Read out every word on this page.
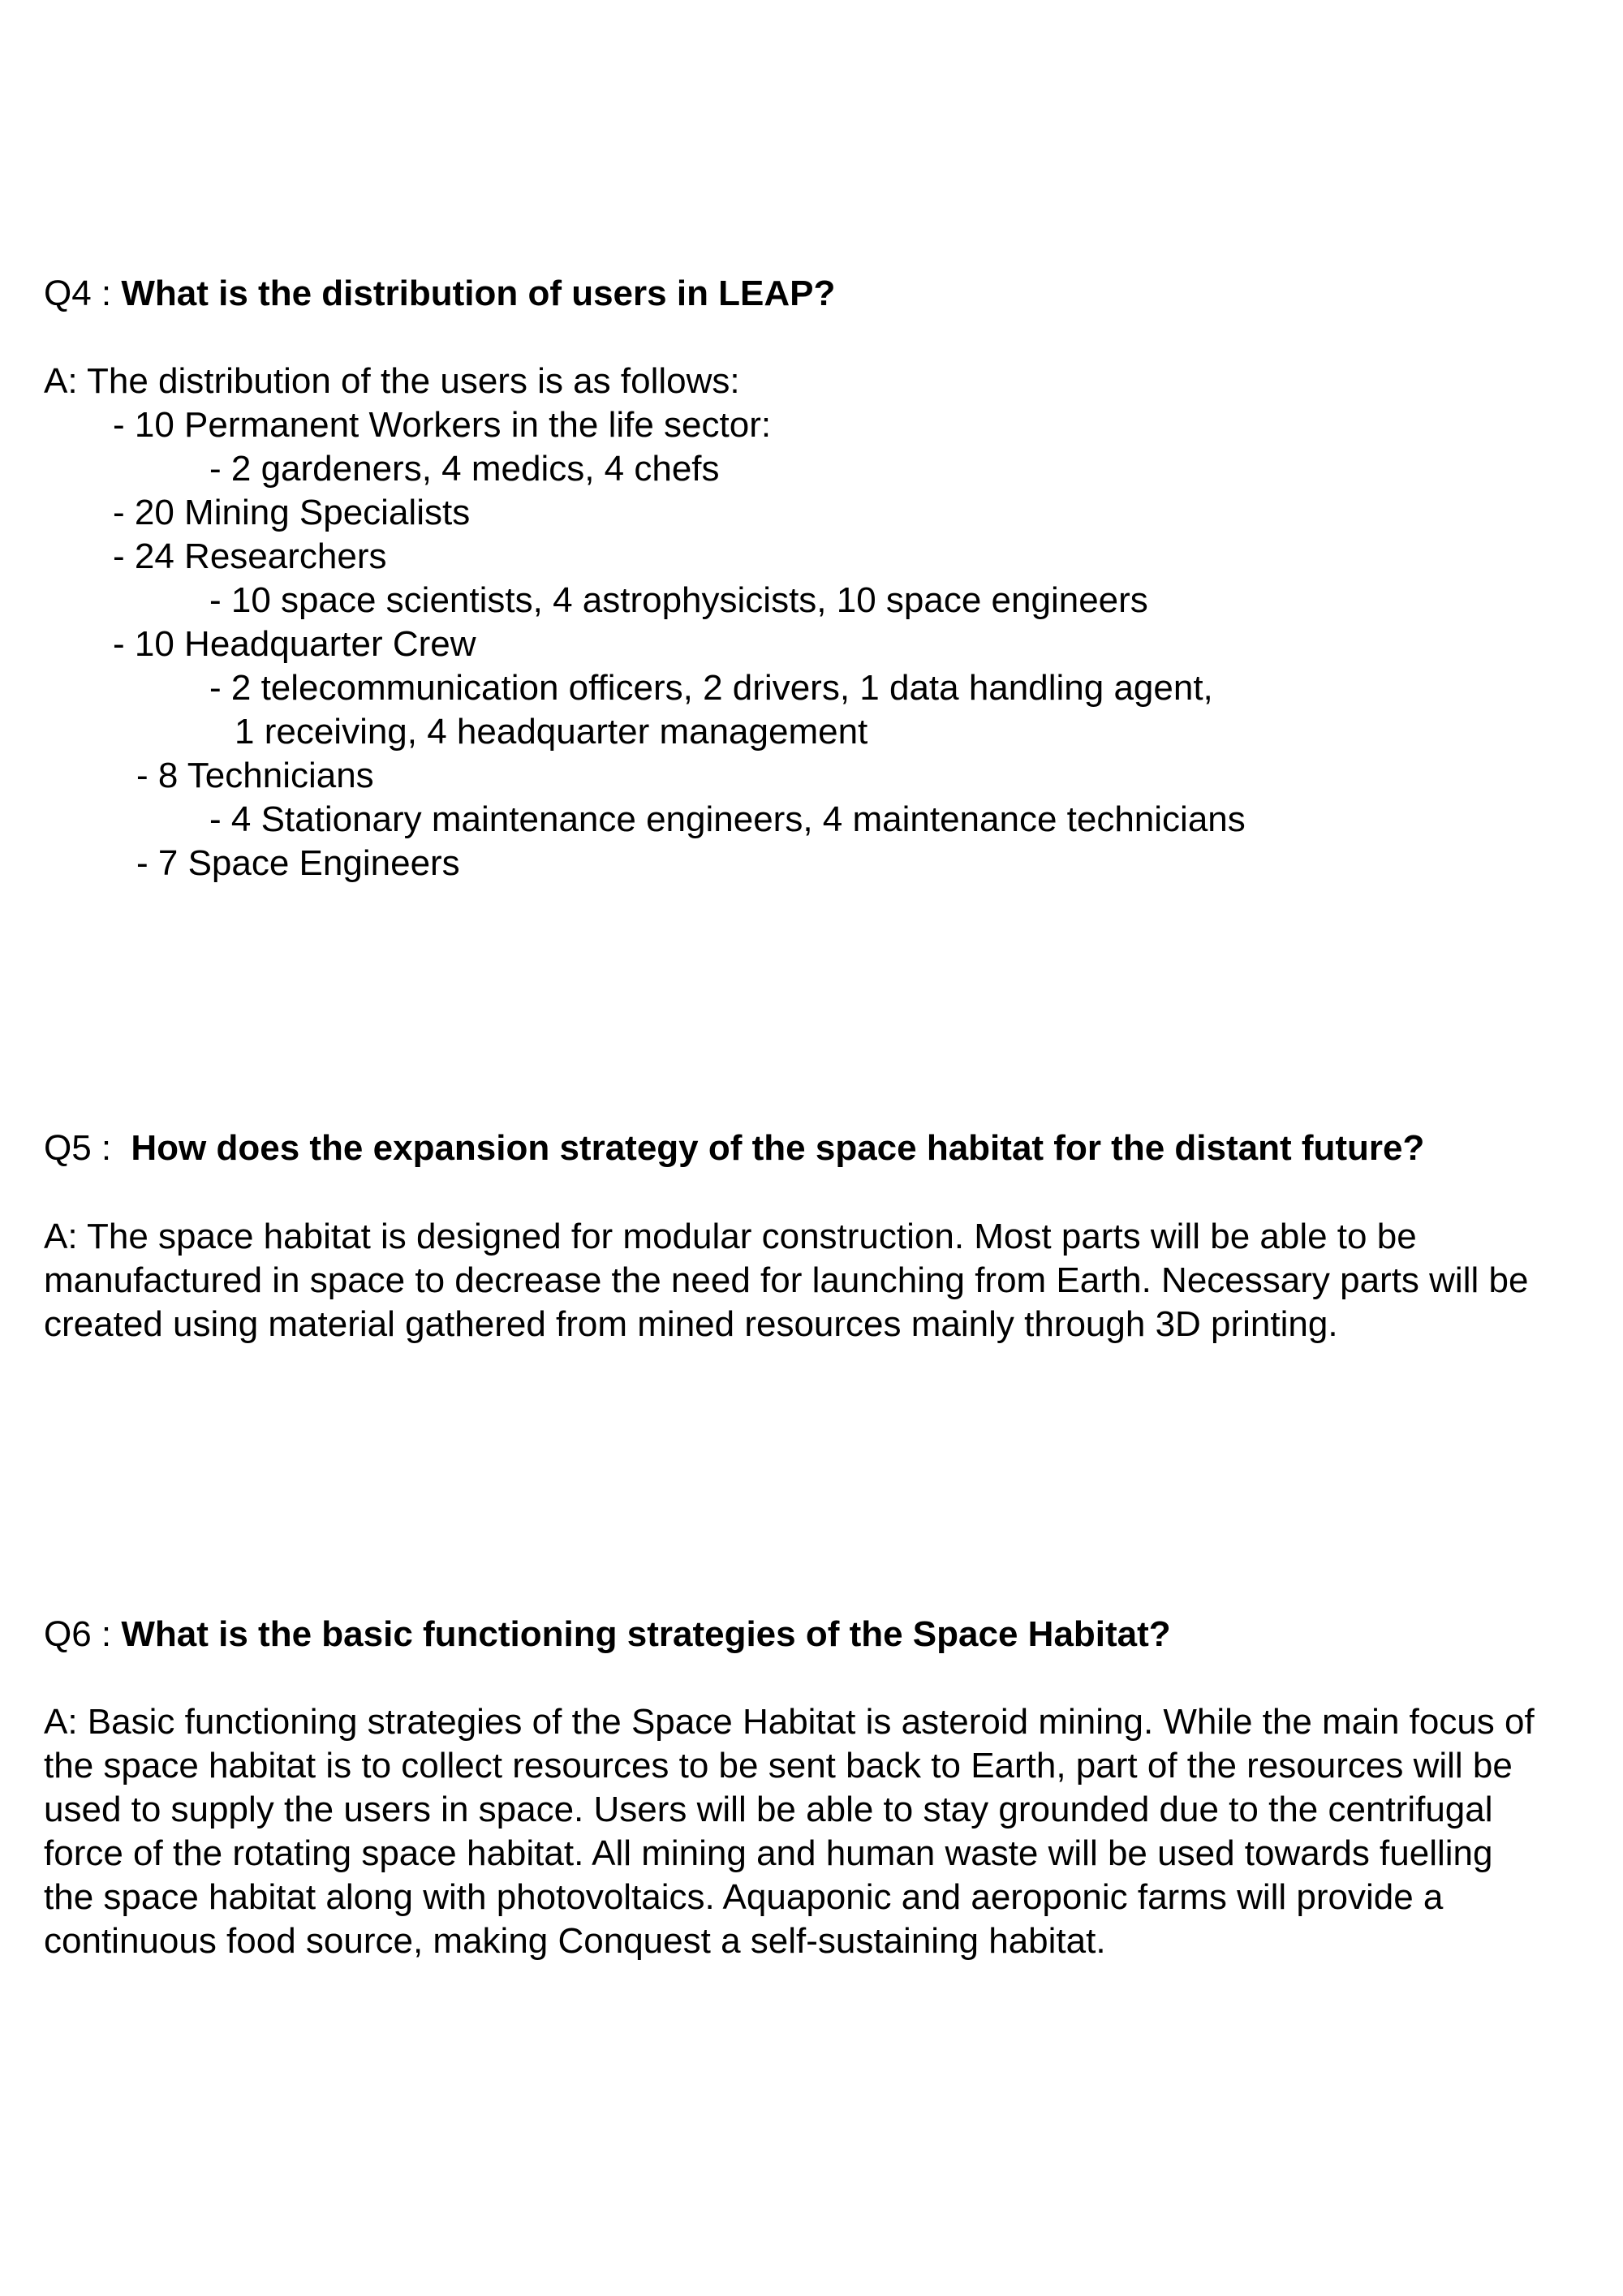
Q4 : What is the distribution of users in LEAP?

A: The distribution of the users is as follows:

- 10 Permanent Workers in the life sector:

- 2 gardeners, 4 medics, 4 chefs

- 20 Mining Specialists

- 24 Researchers

- 10 space scientists, 4 astrophysicists, 10 space engineers

- 10 Headquarter Crew

- 2 telecommunication officers, 2 drivers, 1 data handling agent,

1 receiving, 4 headquarter management

- 8 Technicians

- 4 Stationary maintenance engineers, 4 maintenance technicians

- 7 Space Engineers

Q5 : How does the expansion strategy of the space habitat for the distant future?

A: The space habitat is designed for modular construction. Most parts will be able to be

manufactured in space to decrease the need for launching from Earth. Necessary parts will be

created using material gathered from mined resources mainly through 3D printing.

Q6 : What is the basic functioning strategies of the Space Habitat?

A: Basic functioning strategies of the Space Habitat is asteroid mining. While the main focus of

the space habitat is to collect resources to be sent back to Earth, part of the resources will be

used to supply the users in space. Users will be able to stay grounded due to the centrifugal

force of the rotating space habitat. All mining and human waste will be used towards fuelling

the space habitat along with photovoltaics. Aquaponic and aeroponic farms will provide a

continuous food source, making Conquest a self-sustaining habitat.
